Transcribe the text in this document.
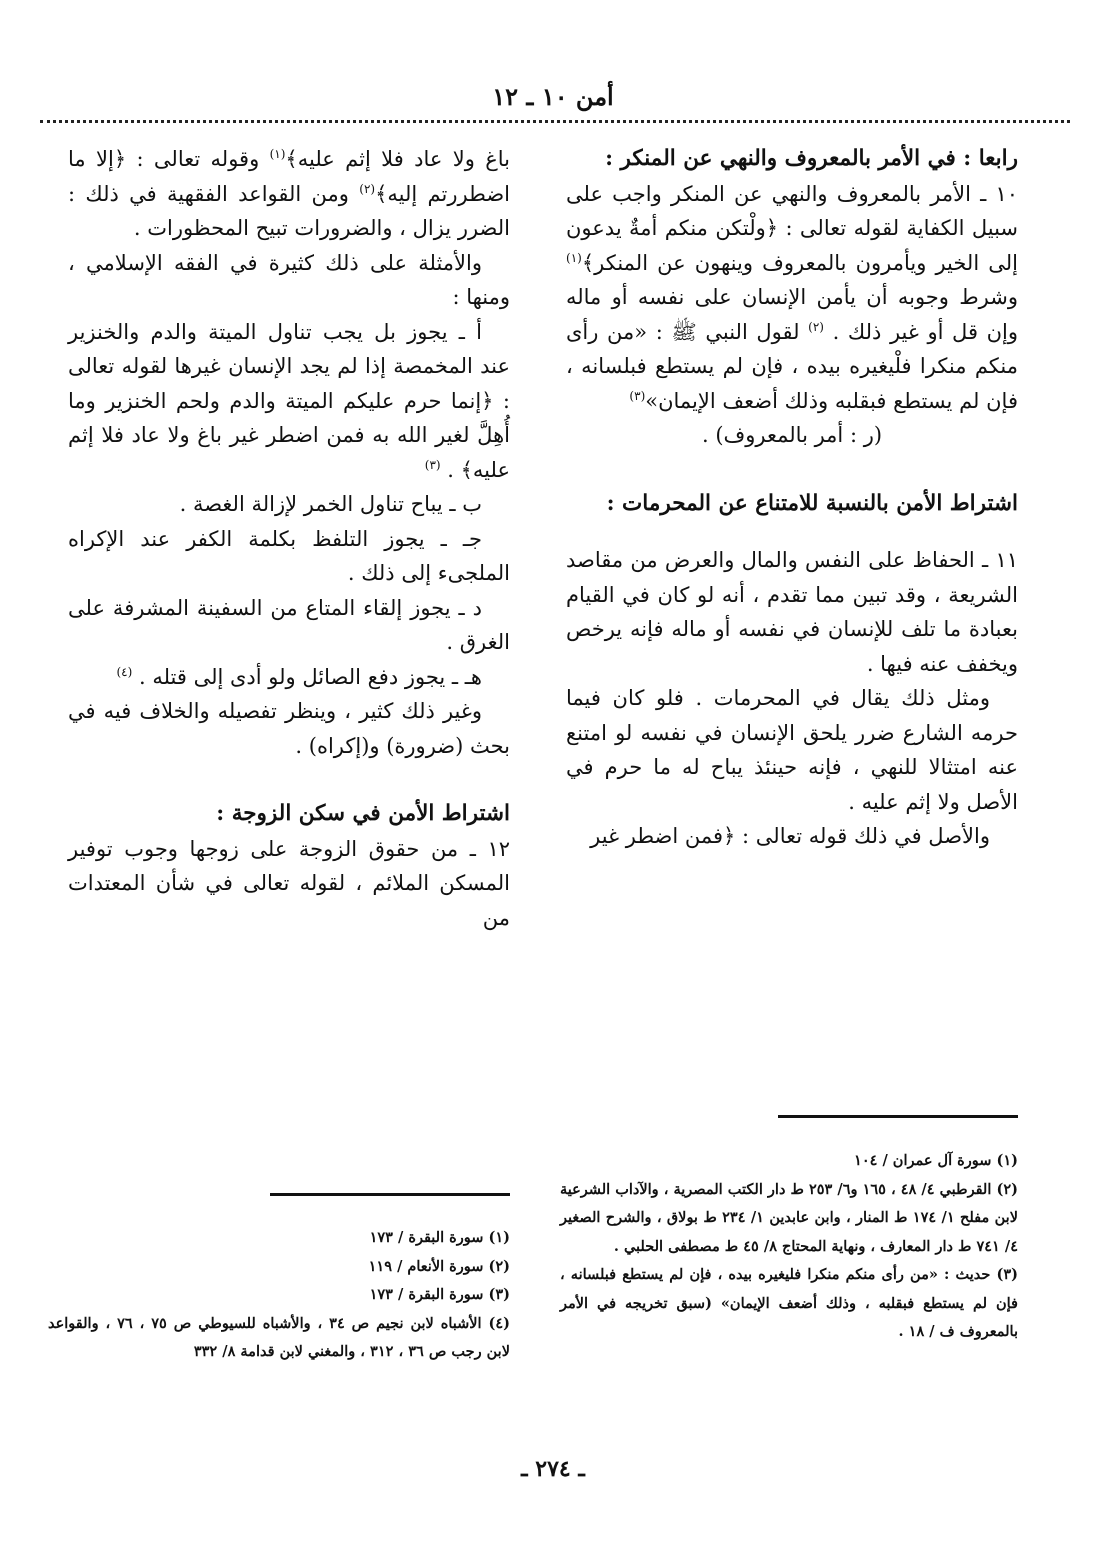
أمن ١٠ ـ ١٢
رابعا : في الأمر بالمعروف والنهي عن المنكر :

١٠ ـ الأمر بالمعروف والنهي عن المنكر واجب على سبيل الكفاية لقوله تعالى : ﴿ولْتكن منكم أمةٌ يدعون إلى الخير ويأمرون بالمعروف وينهون عن المنكر﴾$^{(١)}$ وشرط وجوبه أن يأمن الإنسان على نفسه أو ماله وإن قل أو غير ذلك . $^{(٢)}$ لقول النبي ﷺ : «من رأى منكم منكرا فلْيغيره بيده ، فإن لم يستطع فبلسانه ، فإن لم يستطع فبقلبه وذلك أضعف الإيمان»$^{(٣)}$

(ر : أمر بالمعروف) .

اشتراط الأمن بالنسبة للامتناع عن المحرمات :

١١ ـ الحفاظ على النفس والمال والعرض من مقاصد الشريعة ، وقد تبين مما تقدم ، أنه لو كان في القيام بعبادة ما تلف للإنسان في نفسه أو ماله فإنه يرخص ويخفف عنه فيها .

ومثل ذلك يقال في المحرمات . فلو كان فيما حرمه الشارع ضرر يلحق الإنسان في نفسه لو امتنع عنه امتثالا للنهي ، فإنه حينئذ يباح له ما حرم في الأصل ولا إثم عليه .

والأصل في ذلك قوله تعالى : ﴿فمن اضطر غير

باغ ولا عاد فلا إثم عليه﴾$^{(١)}$ وقوله تعالى : ﴿إلا ما اضطررتم إليه﴾$^{(٢)}$ ومن القواعد الفقهية في ذلك : الضرر يزال ، والضرورات تبيح المحظورات .

والأمثلة على ذلك كثيرة في الفقه الإسلامي ، ومنها :

أ ـ يجوز بل يجب تناول الميتة والدم والخنزير عند المخمصة إذا لم يجد الإنسان غيرها لقوله تعالى : ﴿إنما حرم عليكم الميتة والدم ولحم الخنزير وما أُهِلَّ لغير الله به فمن اضطر غير باغ ولا عاد فلا إثم عليه﴾ . $^{(٣)}$

ب ـ يباح تناول الخمر لإزالة الغصة .

جـ ـ يجوز التلفظ بكلمة الكفر عند الإكراه الملجىء إلى ذلك .

د ـ يجوز إلقاء المتاع من السفينة المشرفة على الغرق .

هـ ـ يجوز دفع الصائل ولو أدى إلى قتله . $^{(٤)}$

وغير ذلك كثير ، وينظر تفصيله والخلاف فيه في بحث (ضرورة) و(إكراه) .

اشتراط الأمن في سكن الزوجة :

١٢ ـ من حقوق الزوجة على زوجها وجوب توفير المسكن الملائم ، لقوله تعالى في شأن المعتدات من

(١) سورة آل عمران / ١٠٤

(٢) القرطبي ٤/ ٤٨ ، ١٦٥ و٦/ ٢٥٣ ط دار الكتب المصرية ، والآداب الشرعية لابن مفلح ١/ ١٧٤ ط المنار ، وابن عابدين ١/ ٢٣٤ ط بولاق ، والشرح الصغير ٤/ ٧٤١ ط دار المعارف ، ونهاية المحتاج ٨/ ٤٥ ط مصطفى الحلبي .

(٣) حديث : «من رأى منكم منكرا فليغيره بيده ، فإن لم يستطع فبلسانه ، فإن لم يستطع فبقلبه ، وذلك أضعف الإيمان» (سبق تخريجه في الأمر بالمعروف ف / ١٨ .

(١) سورة البقرة / ١٧٣

(٢) سورة الأنعام / ١١٩

(٣) سورة البقرة / ١٧٣

(٤) الأشباه لابن نجيم ص ٣٤ ، والأشباه للسيوطي ص ٧٥ ، ٧٦ ، والقواعد لابن رجب ص ٣٦ ، ٣١٢ ، والمغني لابن قدامة ٨/ ٣٣٢

ـ ٢٧٤ ـ
